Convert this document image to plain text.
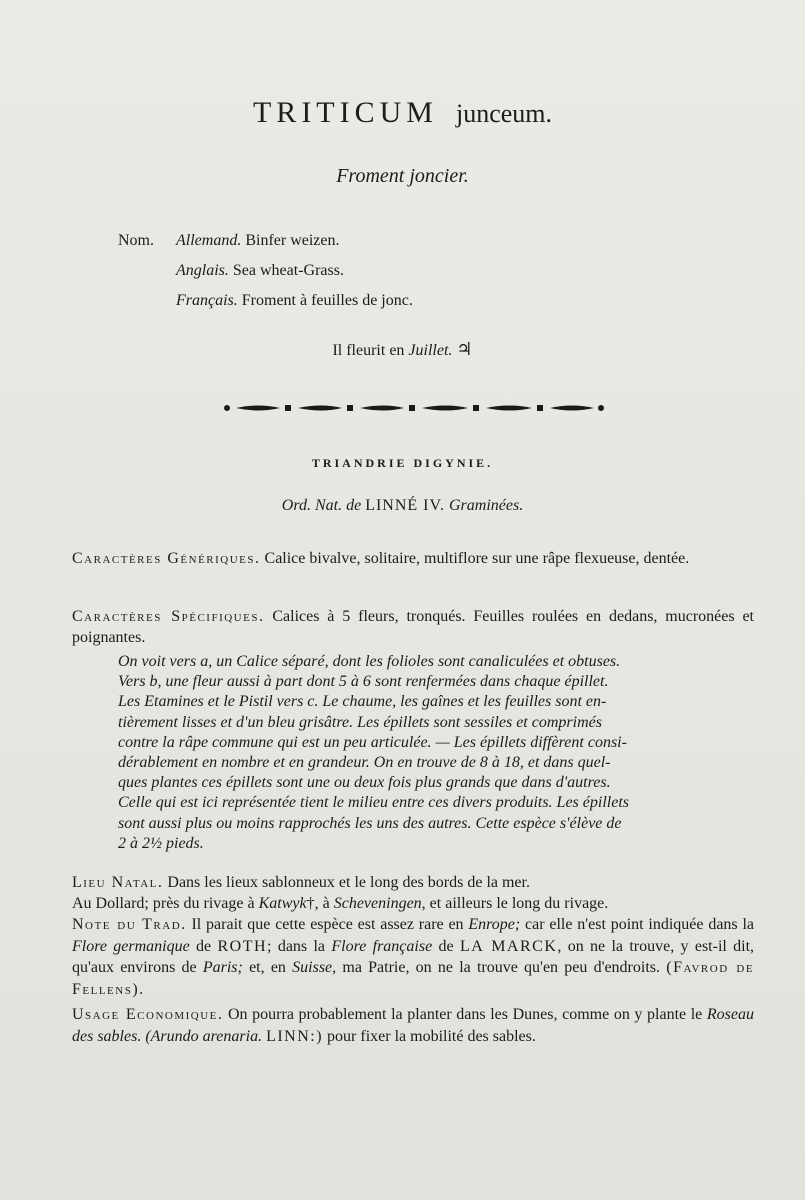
TRITICUM junceum.
Froment joncier.
Nom. Allemand. Binfer weizen.
Anglais. Sea wheat-Grass.
Français. Froment à feuilles de jonc.
Il fleurit en Juillet. ♃
TRIANDRIE DIGYNIE.
Ord. Nat. de LINNÉ IV. Graminées.
Caractères Génériques. Calice bivalve, solitaire, multiflore sur une râpe flexueuse, dentée.
Caractères Spécifiques. Calices à 5 fleurs, tronqués. Feuilles roulées en dedans, mucronées et poignantes.
On voit vers a, un Calice séparé, dont les folioles sont canaliculées et obtuses.
Vers b, une fleur aussi à part dont 5 à 6 sont renfermées dans chaque épillet.
Les Etamines et le Pistil vers c. Le chaume, les gaînes et les feuilles sont en-
tièrement lisses et d'un bleu grisâtre. Les épillets sont sessiles et comprimés
contre la râpe commune qui est un peu articulée. — Les épillets diffèrent consi-
dérablement en nombre et en grandeur. On en trouve de 8 à 18, et dans quel-
ques plantes ces épillets sont une ou deux fois plus grands que dans d'autres.
Celle qui est ici représentée tient le milieu entre ces divers produits. Les épillets
sont aussi plus ou moins rapprochés les uns des autres. Cette espèce s'élève de
2 à 2½ pieds.
Lieu Natal. Dans les lieux sablonneux et le long des bords de la mer.
Au Dollard; près du rivage à Katwyk†, à Scheveningen, et ailleurs le long du rivage.
Note du Trad. Il parait que cette espèce est assez rare en Enrope; car elle n'est point indiquée dans la Flore germanique de ROTH; dans la Flore française de LA MARCK, on ne la trouve, y est-il dit, qu'aux environs de Paris; et, en Suisse, ma Patrie, on ne la trouve qu'en peu d'endroits. (Favrod de Fellens).
Usage Economique. On pourra probablement la planter dans les Dunes, comme on y plante le Roseau des sables. (Arundo arenaria. LINN:) pour fixer la mobilité des sables.
